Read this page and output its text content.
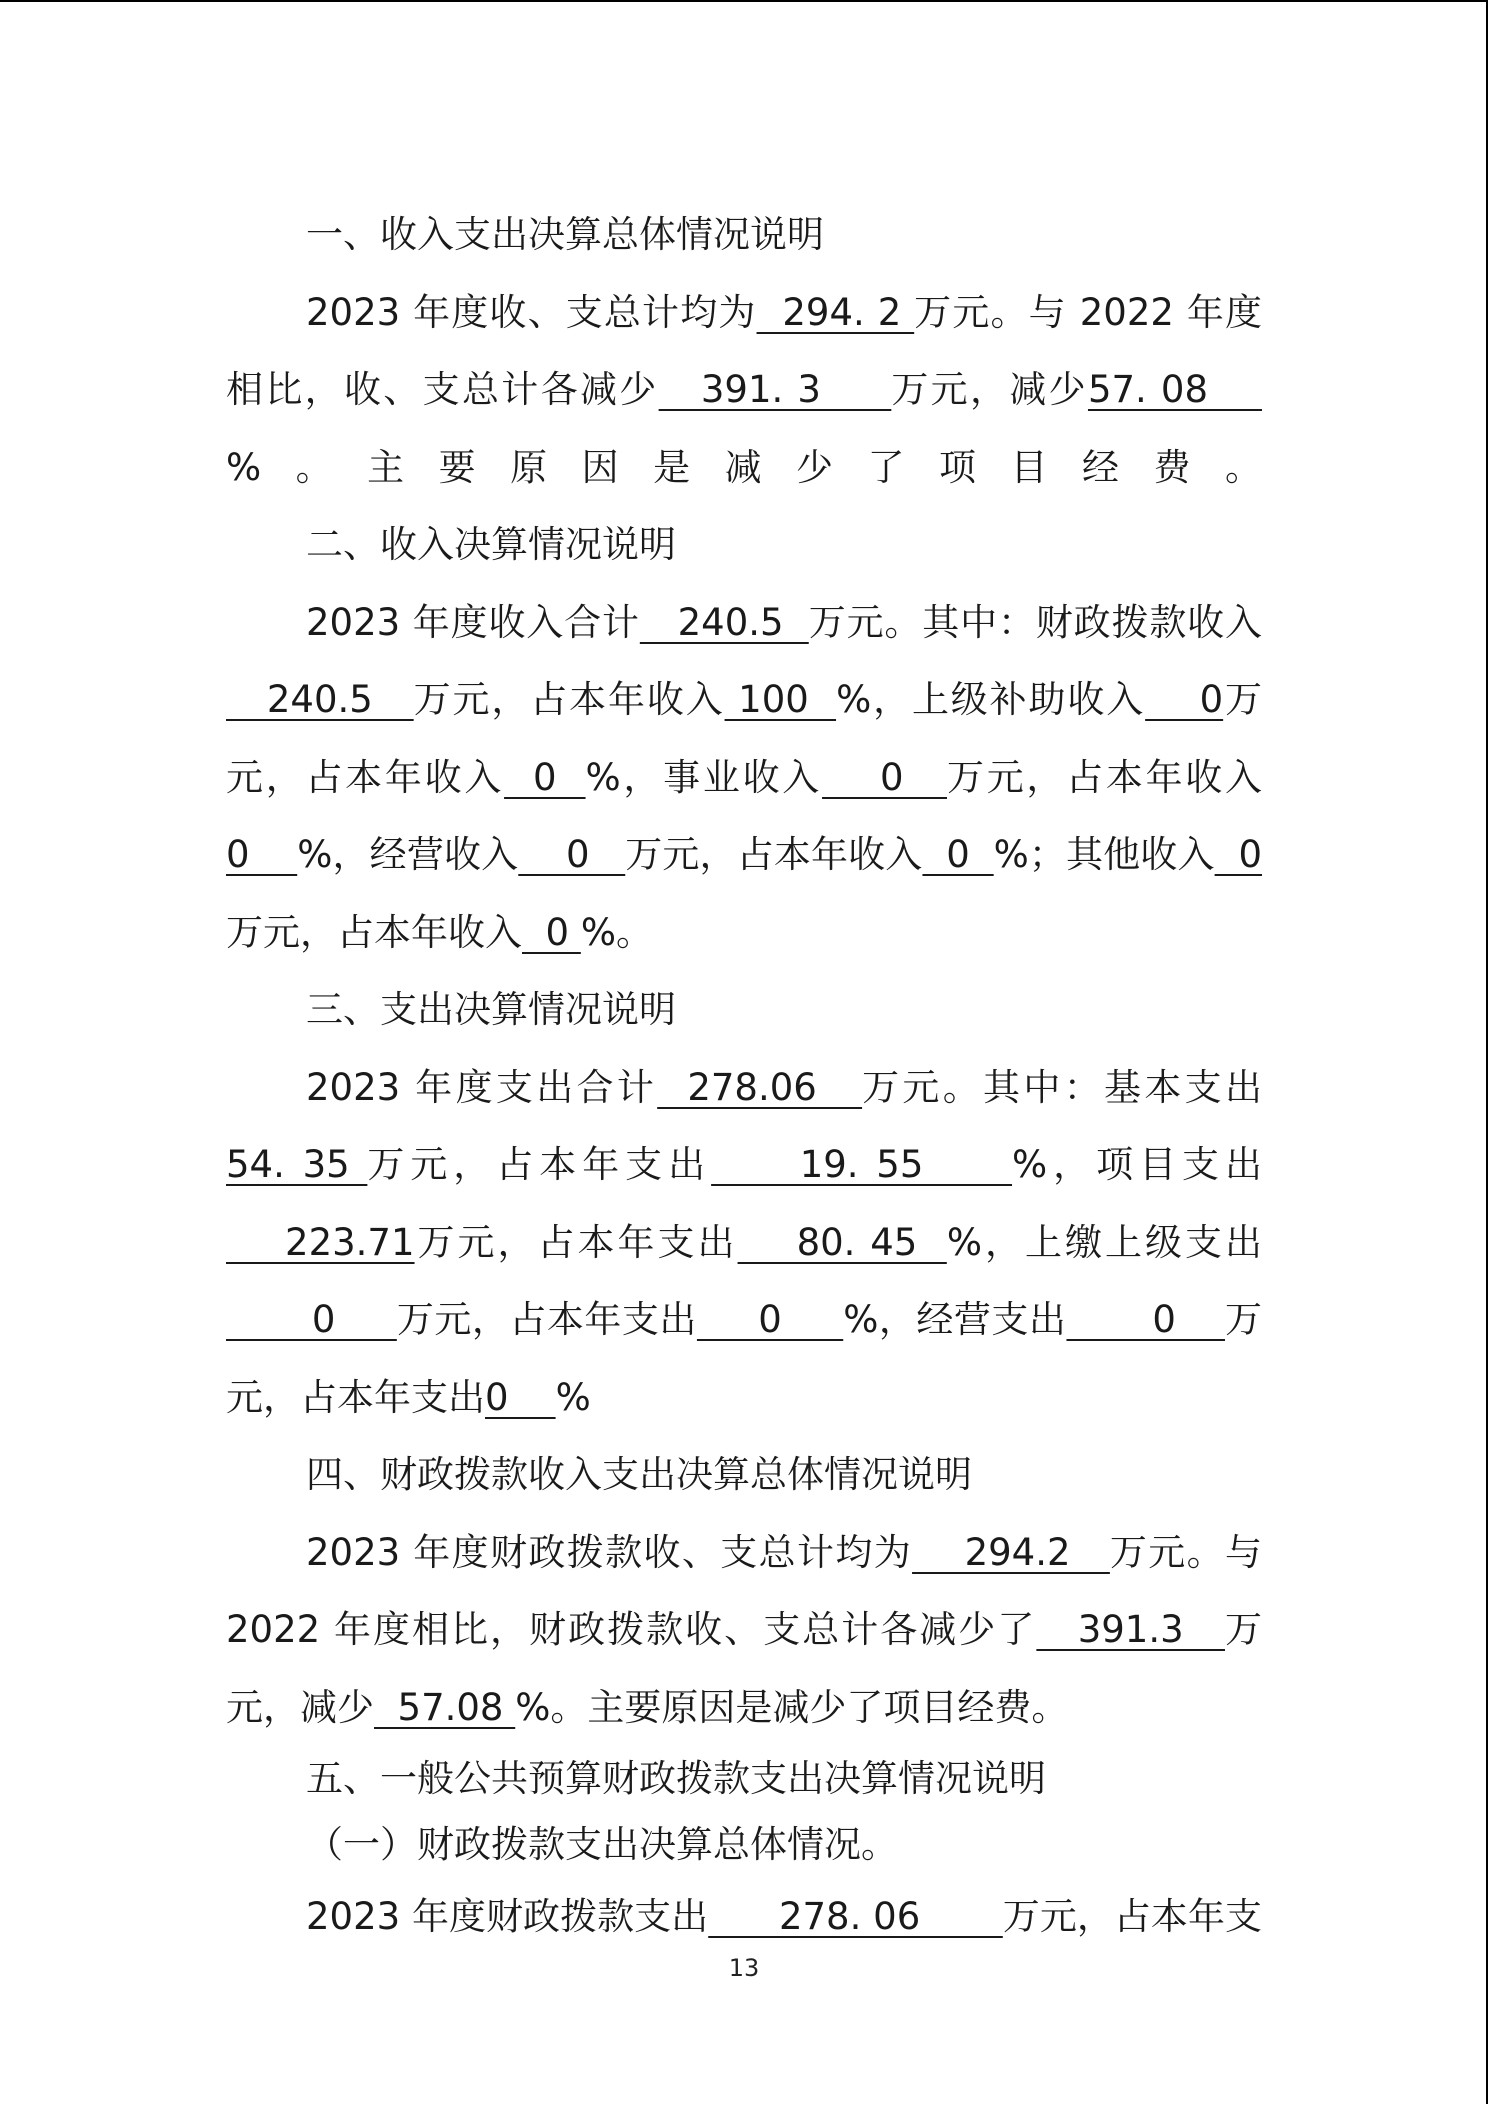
一、收入支出决算总体情况说明

2023 年度收、支总计均为  294. 2 万元。与 2022 年度相比，收、支总计各减少   391. 3     万元，减少57. 08     %。主要原因是减少了项目经费。

二、收入决算情况说明

2023 年度收入合计   240.5  万元。其中：财政拨款收入   240.5   万元，占本年收入 100  %，上级补助收入    0万元，占本年收入  0  %，事业收入    0   万元，占本年收入0    %，经营收入    0   万元，占本年收入  0  %；其他收入  0万元，占本年收入  0 %。

三、支出决算情况说明

2023 年度支出合计  278.06   万元。其中：基本支出54. 35 万元，占本年支出     19. 55     %，项目支出    223.71万元，占本年支出    80. 45  %，上缴上级支出       0     万元，占本年支出     0     %，经营支出       0    万元，占本年支出0    %

四、财政拨款收入支出决算总体情况说明

2023 年度财政拨款收、支总计均为    294.2   万元。与 2022 年度相比，财政拨款收、支总计各减少了   391.3   万元，减少  57.08 %。主要原因是减少了项目经费。

五、一般公共预算财政拨款支出决算情况说明

（一）财政拨款支出决算总体情况。

2023 年度财政拨款支出      278. 06       万元，占本年支

13
